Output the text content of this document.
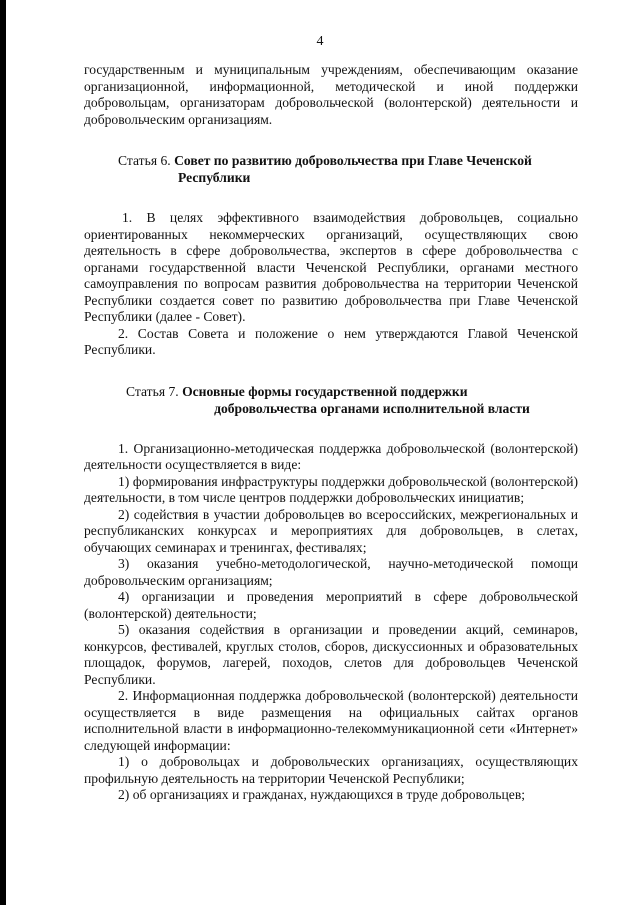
4

государственным и муниципальным учреждениям, обеспечивающим оказание организационной, информационной, методической и иной поддержки добровольцам, организаторам добровольческой (волонтерской) деятельности и добровольческим организациям.

Статья 6. Совет по развитию добровольчества при Главе Чеченской
Республики

1. В целях эффективного взаимодействия добровольцев, социально ориентированных некоммерческих организаций, осуществляющих свою деятельность в сфере добровольчества, экспертов в сфере добровольчества с органами государственной власти Чеченской Республики, органами местного самоуправления по вопросам развития добровольчества на территории Чеченской Республики создается совет по развитию добровольчества при Главе Чеченской Республики (далее - Совет).

2. Состав Совета и положение о нем утверждаются Главой Чеченской Республики.

Статья 7. Основные формы государственной поддержки
добровольчества органами исполнительной власти

1. Организационно-методическая поддержка добровольческой (волонтерской) деятельности осуществляется в виде:

1) формирования инфраструктуры поддержки добровольческой (волонтерской) деятельности, в том числе центров поддержки добровольческих инициатив;

2) содействия в участии добровольцев во всероссийских, межрегиональных и республиканских конкурсах и мероприятиях для добровольцев, в слетах, обучающих семинарах и тренингах, фестивалях;

3) оказания учебно-методологической, научно-методической помощи добровольческим организациям;

4) организации и проведения мероприятий в сфере добровольческой (волонтерской) деятельности;

5) оказания содействия в организации и проведении акций, семинаров, конкурсов, фестивалей, круглых столов, сборов, дискуссионных и образовательных площадок, форумов, лагерей, походов, слетов для добровольцев Чеченской Республики.

2. Информационная поддержка добровольческой (волонтерской) деятельности осуществляется в виде размещения на официальных сайтах органов исполнительной власти в информационно-телекоммуникационной сети «Интернет» следующей информации:

1) о добровольцах и добровольческих организациях, осуществляющих профильную деятельность на территории Чеченской Республики;

2) об организациях и гражданах, нуждающихся в труде добровольцев;
